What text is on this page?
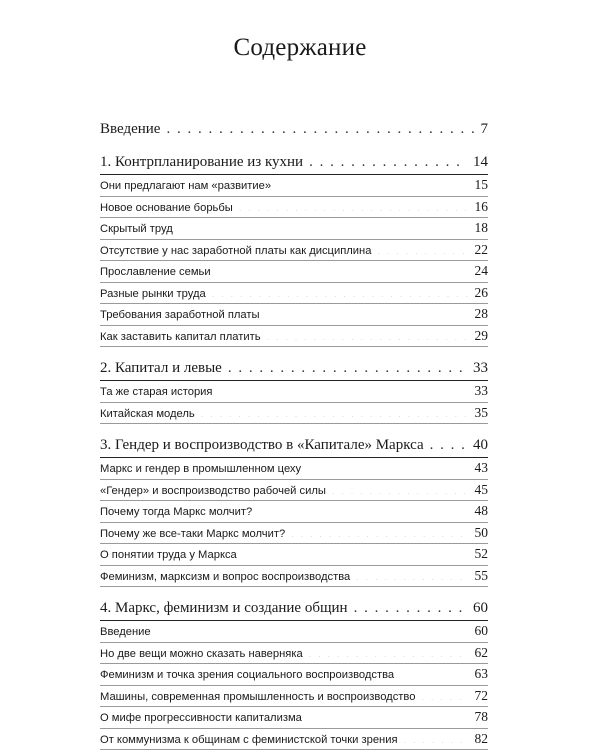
Содержание
Введение . . .	7
1. Контрпланирование из кухни . . .	14
Они предлагают нам «развитие» . . .	15
Новое основание борьбы . . .	16
Скрытый труд . . .	18
Отсутствие у нас заработной платы как дисциплина . . .	22
Прославление семьи . . .	24
Разные рынки труда . . .	26
Требования заработной платы . . .	28
Как заставить капитал платить . . .	29
2. Капитал и левые . . .	33
Та же старая история . . .	33
Китайская модель . . .	35
3. Гендер и воспроизводство в «Капитале» Маркса . . .	40
Маркс и гендер в промышленном цеху . . .	43
«Гендер» и воспроизводство рабочей силы . . .	45
Почему тогда Маркс молчит? . . .	48
Почему же все-таки Маркс молчит? . . .	50
О понятии труда у Маркса . . .	52
Феминизм, марксизм и вопрос воспроизводства . . .	55
4. Маркс, феминизм и создание общин . . .	60
Введение . . .	60
Но две вещи можно сказать наверняка . . .	62
Феминизм и точка зрения социального воспроизводства . . .	63
Машины, современная промышленность и воспроизводство . . .	72
О мифе прогрессивности капитализма . . .	78
От коммунизма к общинам с феминистской точки зрения . . .	82
